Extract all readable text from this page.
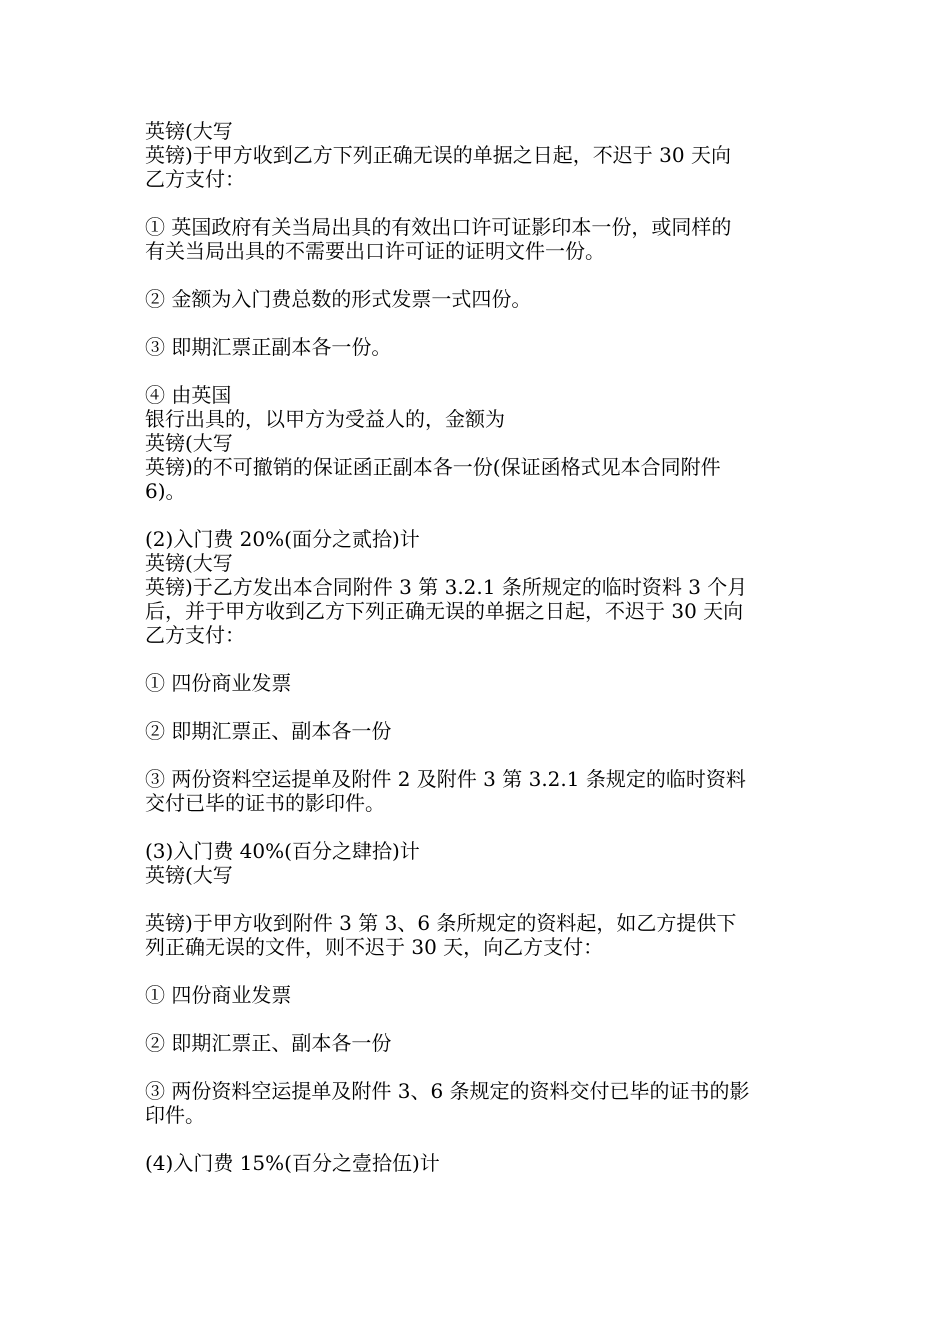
英镑(大写
英镑)于甲方收到乙方下列正确无误的单据之日起，不迟于 30 天向
乙方支付：
① 英国政府有关当局出具的有效出口许可证影印本一份，或同样的
有关当局出具的不需要出口许可证的证明文件一份。
② 金额为入门费总数的形式发票一式四份。
③ 即期汇票正副本各一份。
④ 由英国
银行出具的，以甲方为受益人的，金额为
英镑(大写
英镑)的不可撤销的保证函正副本各一份(保证函格式见本合同附件
6)。
(2)入门费 20%(面分之贰拾)计
英镑(大写
英镑)于乙方发出本合同附件 3 第 3.2.1 条所规定的临时资料 3 个月
后，并于甲方收到乙方下列正确无误的单据之日起，不迟于 30 天向
乙方支付：
① 四份商业发票
② 即期汇票正、副本各一份
③ 两份资料空运提单及附件 2 及附件 3 第 3.2.1 条规定的临时资料
交付已毕的证书的影印件。
(3)入门费 40%(百分之肆拾)计
英镑(大写
英镑)于甲方收到附件 3 第 3、6 条所规定的资料起，如乙方提供下
列正确无误的文件，则不迟于 30 天，向乙方支付：
① 四份商业发票
② 即期汇票正、副本各一份
③ 两份资料空运提单及附件 3、6 条规定的资料交付已毕的证书的影
印件。
(4)入门费 15%(百分之壹拾伍)计
